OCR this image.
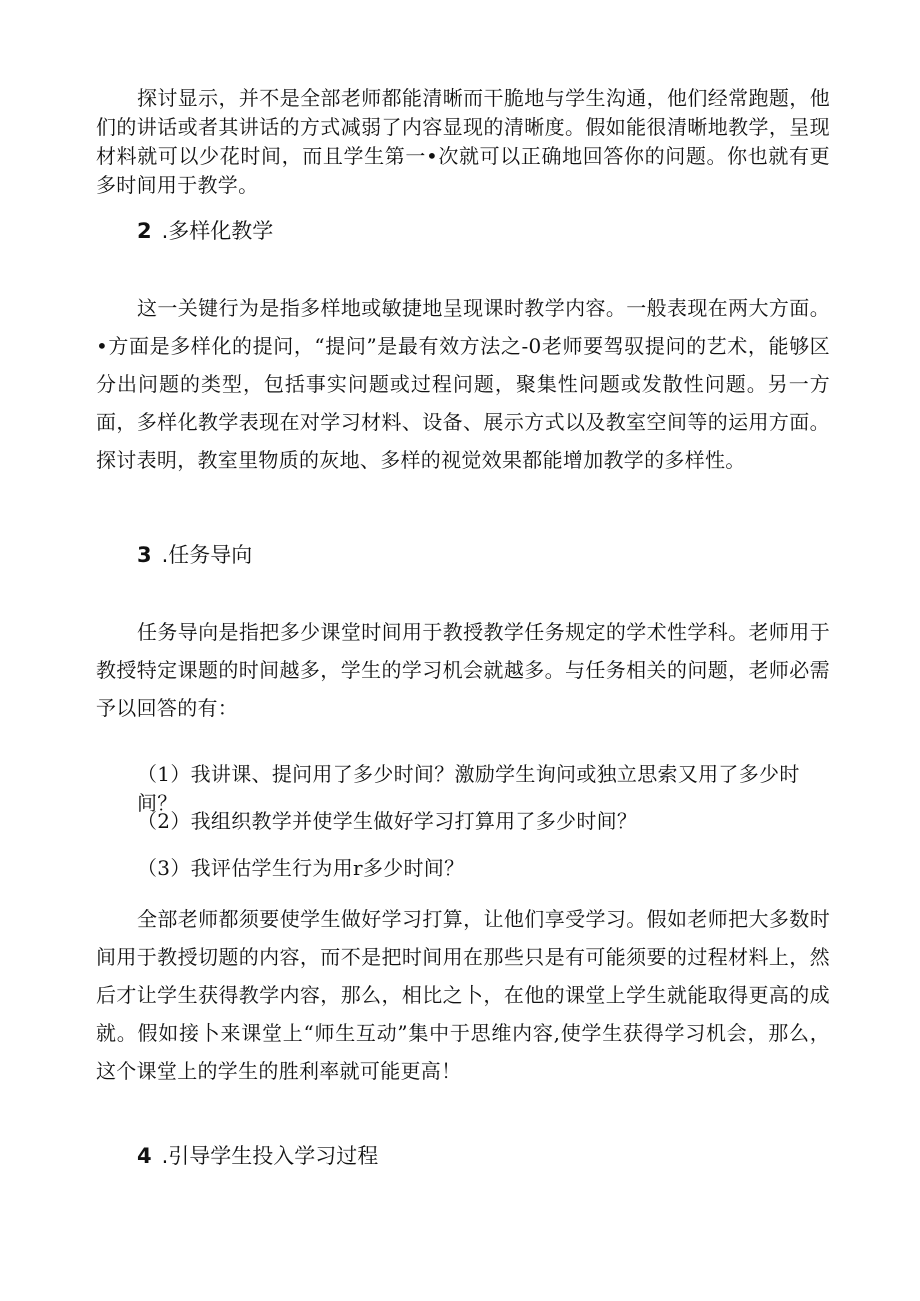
探讨显示，并不是全部老师都能清晰而干脆地与学生沟通，他们经常跑题，他们的讲话或者其讲话的方式减弱了内容显现的清晰度。假如能很清晰地教学，呈现材料就可以少花时间，而且学生第一•次就可以正确地回答你的问题。你也就有更多时间用于教学。

2 .多样化教学

这一关键行为是指多样地或敏捷地呈现课时教学内容。一般表现在两大方面。•方面是多样化的提问，“提问”是最有效方法之-0老师要驾驭提问的艺术，能够区分出问题的类型，包括事实问题或过程问题，聚集性问题或发散性问题。另一方面，多样化教学表现在对学习材料、设备、展示方式以及教室空间等的运用方面。探讨表明，教室里物质的灰地、多样的视觉效果都能增加教学的多样性。

3 .任务导向

任务导向是指把多少课堂时间用于教授教学任务规定的学术性学科。老师用于教授特定课题的时间越多，学生的学习机会就越多。与任务相关的问题，老师必需予以回答的有：

（1）我讲课、提问用了多少时间？激励学生询问或独立思索又用了多少时间？

（2）我组织教学并使学生做好学习打算用了多少时间？

（3）我评估学生行为用r多少时间？

全部老师都须要使学生做好学习打算，让他们享受学习。假如老师把大多数时间用于教授切题的内容，而不是把时间用在那些只是有可能须要的过程材料上，然后才让学生获得教学内容，那么，相比之卜，在他的课堂上学生就能取得更高的成就。假如接卜来课堂上“师生互动”集中于思维内容,使学生获得学习机会，那么，这个课堂上的学生的胜利率就可能更高！

4 .引导学生投入学习过程
